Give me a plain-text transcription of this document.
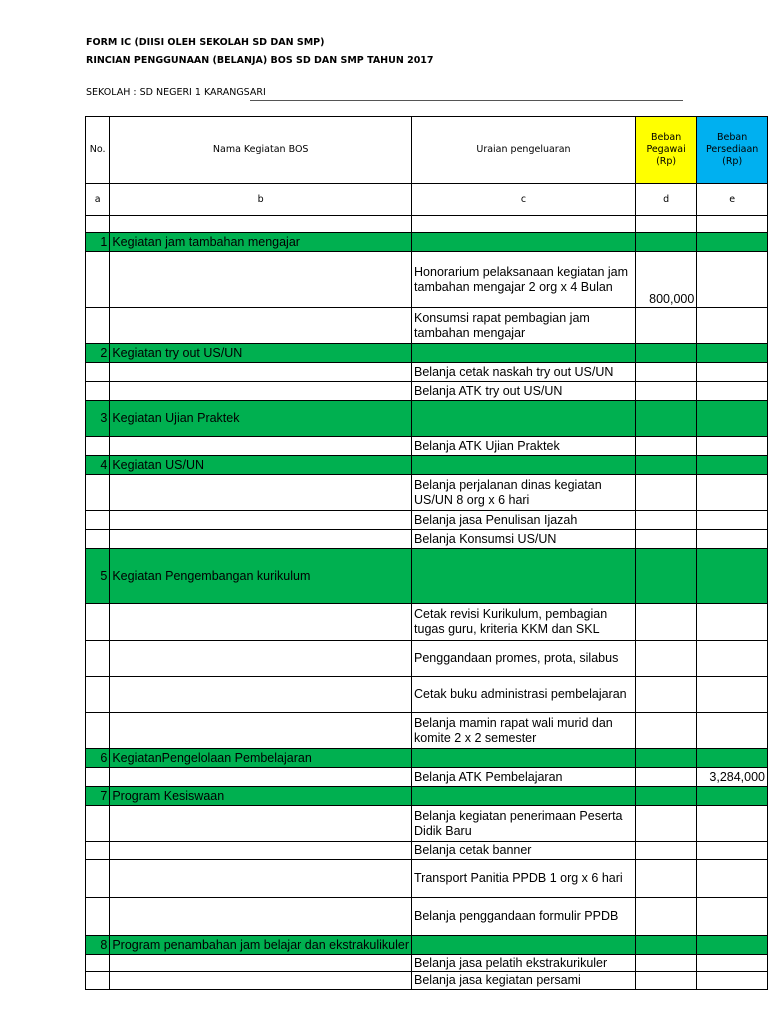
FORM IC (DIISI OLEH SEKOLAH SD DAN SMP)
RINCIAN PENGGUNAAN (BELANJA) BOS SD DAN SMP TAHUN 2017
SEKOLAH : SD NEGERI 1 KARANGSARI
No.	Nama Kegiatan BOS	Uraian pengeluaran	Beban Pegawai (Rp)	Beban Persediaan (Rp)
a	b	c	d	e

1	Kegiatan jam tambahan mengajar			
		Honorarium pelaksanaan kegiatan jam tambahan mengajar 2 org x 4 Bulan	800,000	
		Konsumsi rapat pembagian jam tambahan mengajar		
2	Kegiatan try out US/UN			
		Belanja cetak naskah try out US/UN		
		Belanja ATK try out US/UN		
3	Kegiatan Ujian Praktek			
		Belanja ATK Ujian Praktek		
4	Kegiatan US/UN			
		Belanja perjalanan dinas kegiatan US/UN 8 org x 6 hari		
		Belanja jasa Penulisan Ijazah		
		Belanja Konsumsi US/UN		
5	Kegiatan Pengembangan kurikulum			
		Cetak revisi Kurikulum, pembagian tugas guru, kriteria KKM dan SKL		
		Penggandaan promes, prota, silabus		
		Cetak buku administrasi pembelajaran		
		Belanja mamin rapat wali murid dan komite 2 x 2 semester		
6	KegiatanPengelolaan Pembelajaran			
		Belanja ATK Pembelajaran		3,284,000
7	Program Kesiswaan			
		Belanja kegiatan penerimaan Peserta Didik Baru		
		Belanja cetak banner		
		Transport Panitia PPDB 1 org x 6 hari		
		Belanja penggandaan formulir PPDB		
8	Program penambahan jam belajar dan ekstrakulikuler			
		Belanja jasa pelatih ekstrakurikuler		
		Belanja jasa kegiatan persami		
